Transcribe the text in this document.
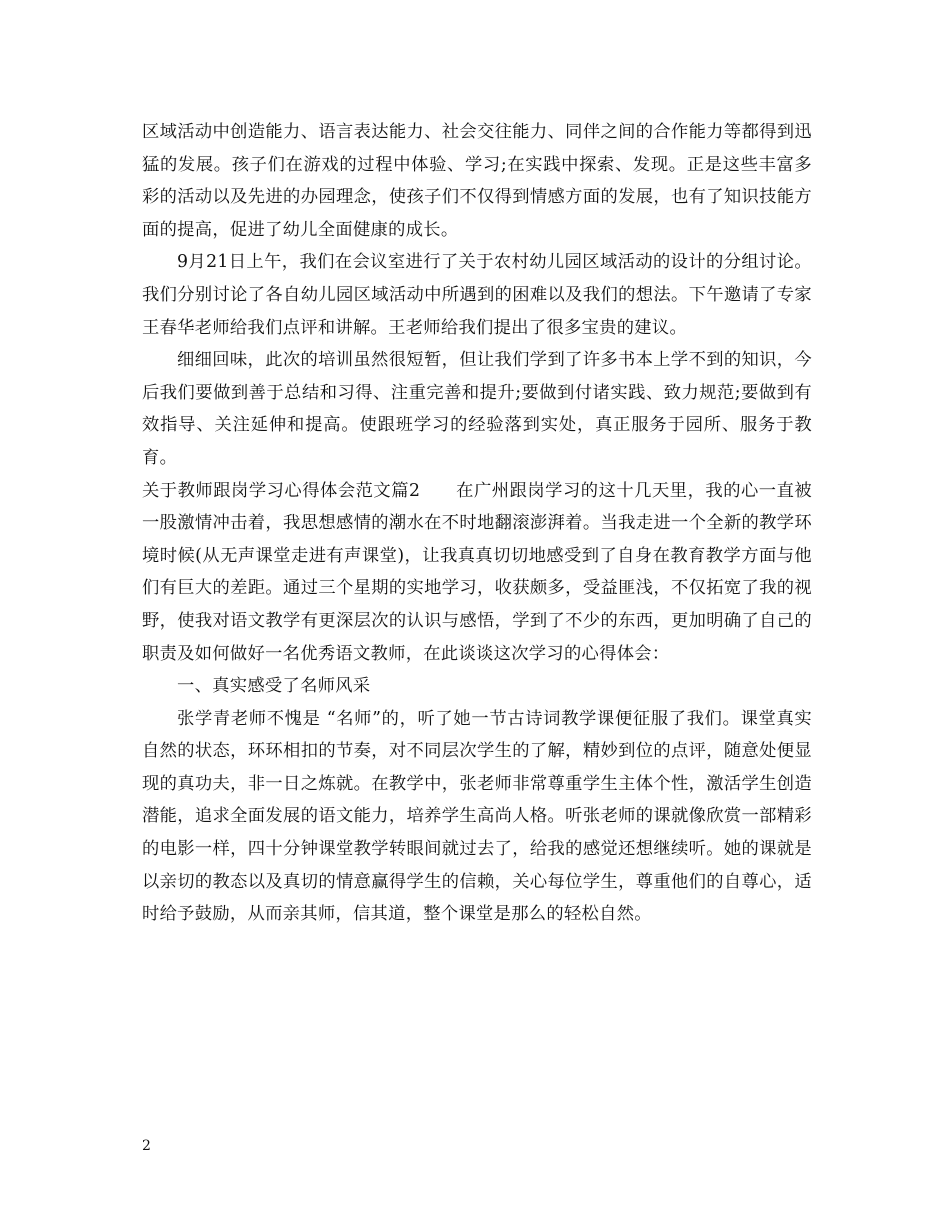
区域活动中创造能力、语言表达能力、社会交往能力、同伴之间的合作能力等都得到迅猛的发展。孩子们在游戏的过程中体验、学习;在实践中探索、发现。正是这些丰富多彩的活动以及先进的办园理念，使孩子们不仅得到情感方面的发展，也有了知识技能方面的提高，促进了幼儿全面健康的成长。

9月21日上午，我们在会议室进行了关于农村幼儿园区域活动的设计的分组讨论。我们分别讨论了各自幼儿园区域活动中所遇到的困难以及我们的想法。下午邀请了专家王春华老师给我们点评和讲解。王老师给我们提出了很多宝贵的建议。

细细回味，此次的培训虽然很短暂，但让我们学到了许多书本上学不到的知识，今后我们要做到善于总结和习得、注重完善和提升;要做到付诸实践、致力规范;要做到有效指导、关注延伸和提高。使跟班学习的经验落到实处，真正服务于园所、服务于教育。

关于教师跟岗学习心得体会范文篇2　　在广州跟岗学习的这十几天里，我的心一直被一股激情冲击着，我思想感情的潮水在不时地翻滚澎湃着。当我走进一个全新的教学环境时候(从无声课堂走进有声课堂)，让我真真切切地感受到了自身在教育教学方面与他们有巨大的差距。通过三个星期的实地学习，收获颇多，受益匪浅，不仅拓宽了我的视野，使我对语文教学有更深层次的认识与感悟，学到了不少的东西，更加明确了自己的职责及如何做好一名优秀语文教师，在此谈谈这次学习的心得体会：

一、真实感受了名师风采

张学青老师不愧是 “名师”的，听了她一节古诗词教学课便征服了我们。课堂真实自然的状态，环环相扣的节奏，对不同层次学生的了解，精妙到位的点评，随意处便显现的真功夫，非一日之炼就。在教学中，张老师非常尊重学生主体个性，激活学生创造潜能，追求全面发展的语文能力，培养学生高尚人格。听张老师的课就像欣赏一部精彩的电影一样，四十分钟课堂教学转眼间就过去了，给我的感觉还想继续听。她的课就是以亲切的教态以及真切的情意赢得学生的信赖，关心每位学生，尊重他们的自尊心，适时给予鼓励，从而亲其师，信其道，整个课堂是那么的轻松自然。

2
